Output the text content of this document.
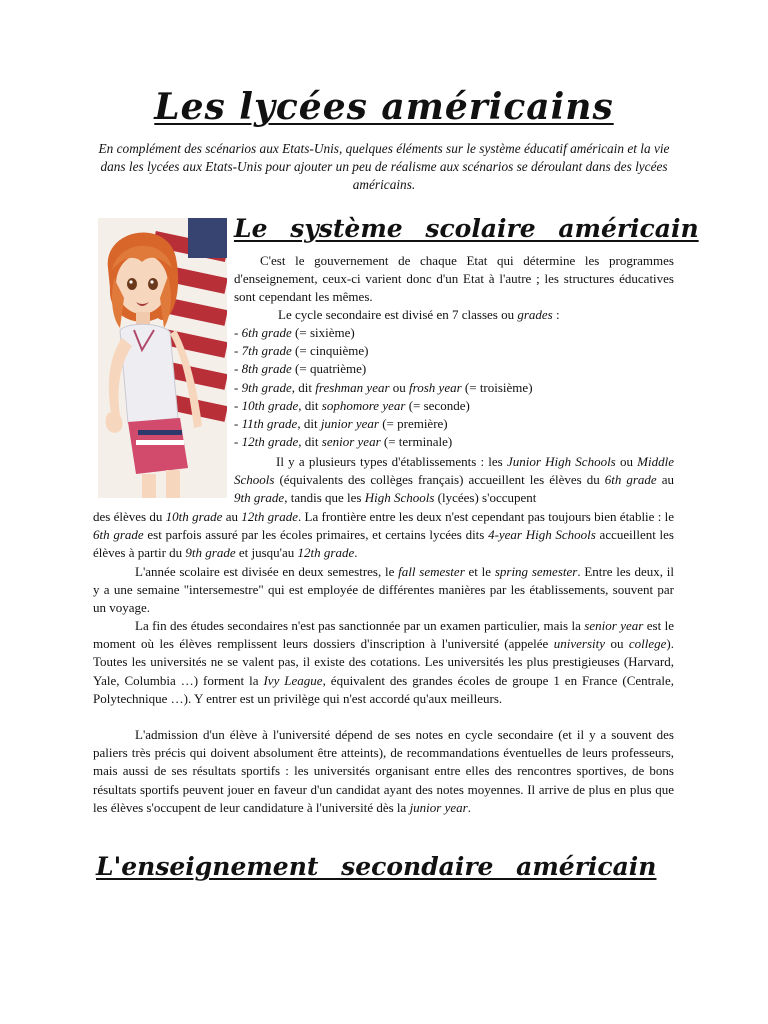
Les lycées américains

En complément des scénarios aux Etats-Unis, quelques éléments sur le système éducatif américain et la vie dans les lycées aux Etats-Unis pour ajouter un peu de réalisme aux scénarios se déroulant dans des lycées américains.

Le système scolaire américain

C'est le gouvernement de chaque Etat qui détermine les programmes d'enseignement, ceux-ci varient donc d'un Etat à l'autre ; les structures éducatives sont cependant les mêmes.

Le cycle secondaire est divisé en 7 classes ou grades :

- 6th grade (= sixième)
- 7th grade (= cinquième)
- 8th grade (= quatrième)
- 9th grade, dit freshman year ou frosh year (= troisième)
- 10th grade, dit sophomore year (= seconde)
- 11th grade, dit junior year (= première)
- 12th grade, dit senior year (= terminale)

Il y a plusieurs types d'établissements : les Junior High Schools ou Middle Schools (équivalents des collèges français) accueillent les élèves du 6th grade au 9th grade, tandis que les High Schools (lycées) s'occupent

des élèves du 10th grade au 12th grade. La frontière entre les deux n'est cependant pas toujours bien établie : le 6th grade est parfois assuré par les écoles primaires, et certains lycées dits 4-year High Schools accueillent les élèves à partir du 9th grade et jusqu'au 12th grade.

L'année scolaire est divisée en deux semestres, le fall semester et le spring semester. Entre les deux, il y a une semaine "intersemestre" qui est employée de différentes manières par les établissements, souvent par un voyage.

La fin des études secondaires n'est pas sanctionnée par un examen particulier, mais la senior year est le moment où les élèves remplissent leurs dossiers d'inscription à l'université (appelée university ou college). Toutes les universités ne se valent pas, il existe des cotations. Les universités les plus prestigieuses (Harvard, Yale, Columbia …) forment la Ivy League, équivalent des grandes écoles de groupe 1 en France (Centrale, Polytechnique …). Y entrer est un privilège qui n'est accordé qu'aux meilleurs.

L'admission d'un élève à l'université dépend de ses notes en cycle secondaire (et il y a souvent des paliers très précis qui doivent absolument être atteints), de recommandations éventuelles de leurs professeurs, mais aussi de ses résultats sportifs : les universités organisant entre elles des rencontres sportives, de bons résultats sportifs peuvent jouer en faveur d'un candidat ayant des notes moyennes. Il arrive de plus en plus que les élèves s'occupent de leur candidature à l'université dès la junior year.

L'enseignement secondaire américain
